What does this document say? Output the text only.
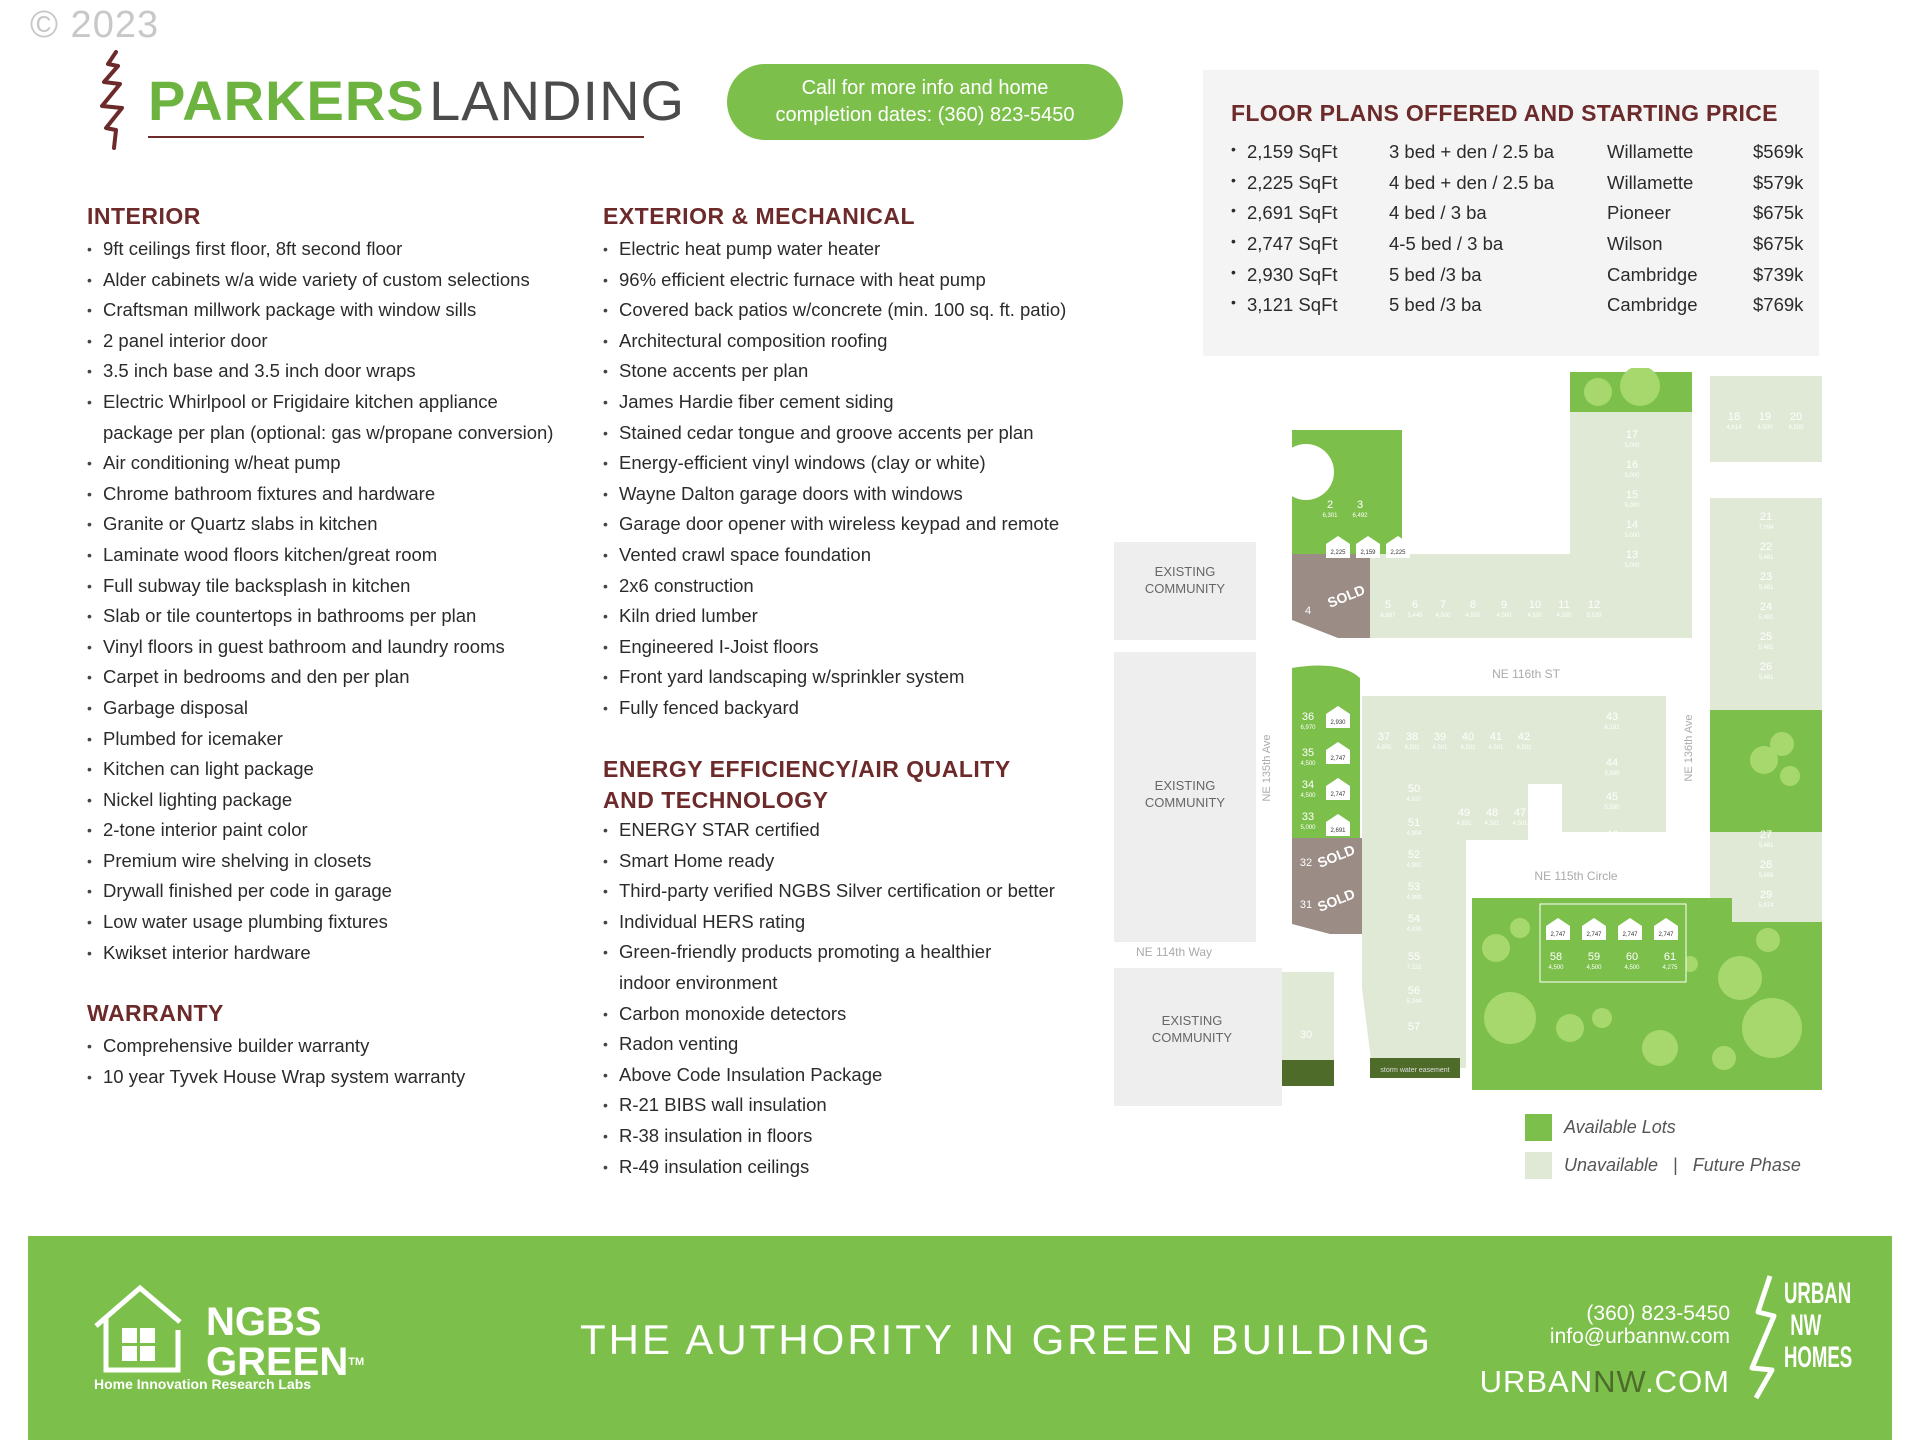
© 2023
PARKERS LANDING	Call for more info and home
completion dates: (360) 823-5450
INTERIOR
• 9ft ceilings first floor, 8ft second floor
• Alder cabinets w/a wide variety of custom selections
• Craftsman millwork package with window sills
• 2 panel interior door
• 3.5 inch base and 3.5 inch door wraps
• Electric Whirlpool or Frigidaire kitchen appliance
package per plan (optional: gas w/propane conversion)
• Air conditioning w/heat pump
• Chrome bathroom fixtures and hardware
• Granite or Quartz slabs in kitchen
• Laminate wood floors kitchen/great room
• Full subway tile backsplash in kitchen
• Slab or tile countertops in bathrooms per plan
• Vinyl floors in guest bathroom and laundry rooms
• Carpet in bedrooms and den per plan
• Garbage disposal
• Plumbed for icemaker
• Kitchen can light package
• Nickel lighting package
• 2-tone interior paint color
• Premium wire shelving in closets
• Drywall finished per code in garage
• Low water usage plumbing fixtures
• Kwikset interior hardware
WARRANTY
• Comprehensive builder warranty
• 10 year Tyvek House Wrap system warranty
EXTERIOR & MECHANICAL
• Electric heat pump water heater
• 96% efficient electric furnace with heat pump
• Covered back patios w/concrete (min. 100 sq. ft. patio)
• Architectural composition roofing
• Stone accents per plan
• James Hardie fiber cement siding
• Stained cedar tongue and groove accents per plan
• Energy-efficient vinyl windows (clay or white)
• Wayne Dalton garage doors with windows
• Garage door opener with wireless keypad and remote
• Vented crawl space foundation
• 2x6 construction
• Kiln dried lumber
• Engineered I-Joist floors
• Front yard landscaping w/sprinkler system
• Fully fenced backyard
ENERGY EFFICIENCY/AIR QUALITY
AND TECHNOLOGY
• ENERGY STAR certified
• Smart Home ready
• Third-party verified NGBS Silver certification or better
• Individual HERS rating
• Green-friendly products promoting a healthier
indoor environment
• Carbon monoxide detectors
• Radon venting
• Above Code Insulation Package
• R-21 BIBS wall insulation
• R-38 insulation in floors
• R-49 insulation ceilings
FLOOR PLANS OFFERED AND STARTING PRICE
• 2,159 SqFt	3 bed + den / 2.5 ba	Willamette	$569k

• 2,225 SqFt	4 bed + den / 2.5 ba	Willamette	$579k

• 2,691 SqFt	4 bed / 3 ba	Pioneer	$675k

• 2,747 SqFt	4-5 bed / 3 ba	Wilson	$675k

• 2,930 SqFt	5 bed /3 ba	Cambridge	$739k

• 3,121 SqFt	5 bed /3 ba	Cambridge	$769k
EXISTING
COMMUNITY
EXISTING
COMMUNITY
EXISTING
COMMUNITY
NE 116th ST
NE 115th Circle
NE 114th Way
NE 135th Ave	NE 136th Ave
storm water easement
1
2
6,301
3
6,492
4	5
6,887
6
5,440
7
4,500
8
4,500
9
4,500
10
4,500
11
4,200
12
5,539
13
5,000
14
5,000
15
5,000
16
5,000
17
5,000
18
4,614
19
4,500
20
4,500
21
7,094
22
5,481
23
5,481
24
5,481
25
5,481
26
5,481
27
5,481
28
5,656
29
5,974
30
31
32
33
5,000
34
4,500
35
4,500
36
6,970
37
4,805
38
4,501
39
4,501
40
4,501
41
4,501
42
4,501
43
6,182
44
5,590
45
5,590
46
4,721
47
4,501
48
4,501
49
4,831
50
4,837
51
4,904
52
4,982
53
4,999
54
4,839
55
7,222
56
5,244
57
58
4,500
59
4,500
60
4,500
61
4,275
2,225 2,159 2,225
2,930
2,747
2,747
2,691
2,747	2,747	2,747	2,747
SOLD
SOLD
SOLD
Available Lots
Unavailable | Future Phase
NGBS
GREEN™
Home Innovation Research Labs
THE AUTHORITY IN GREEN BUILDING
(360) 823-5450
info@urbannw.com
URBANNW.COM
URBAN
NW
HOMES
